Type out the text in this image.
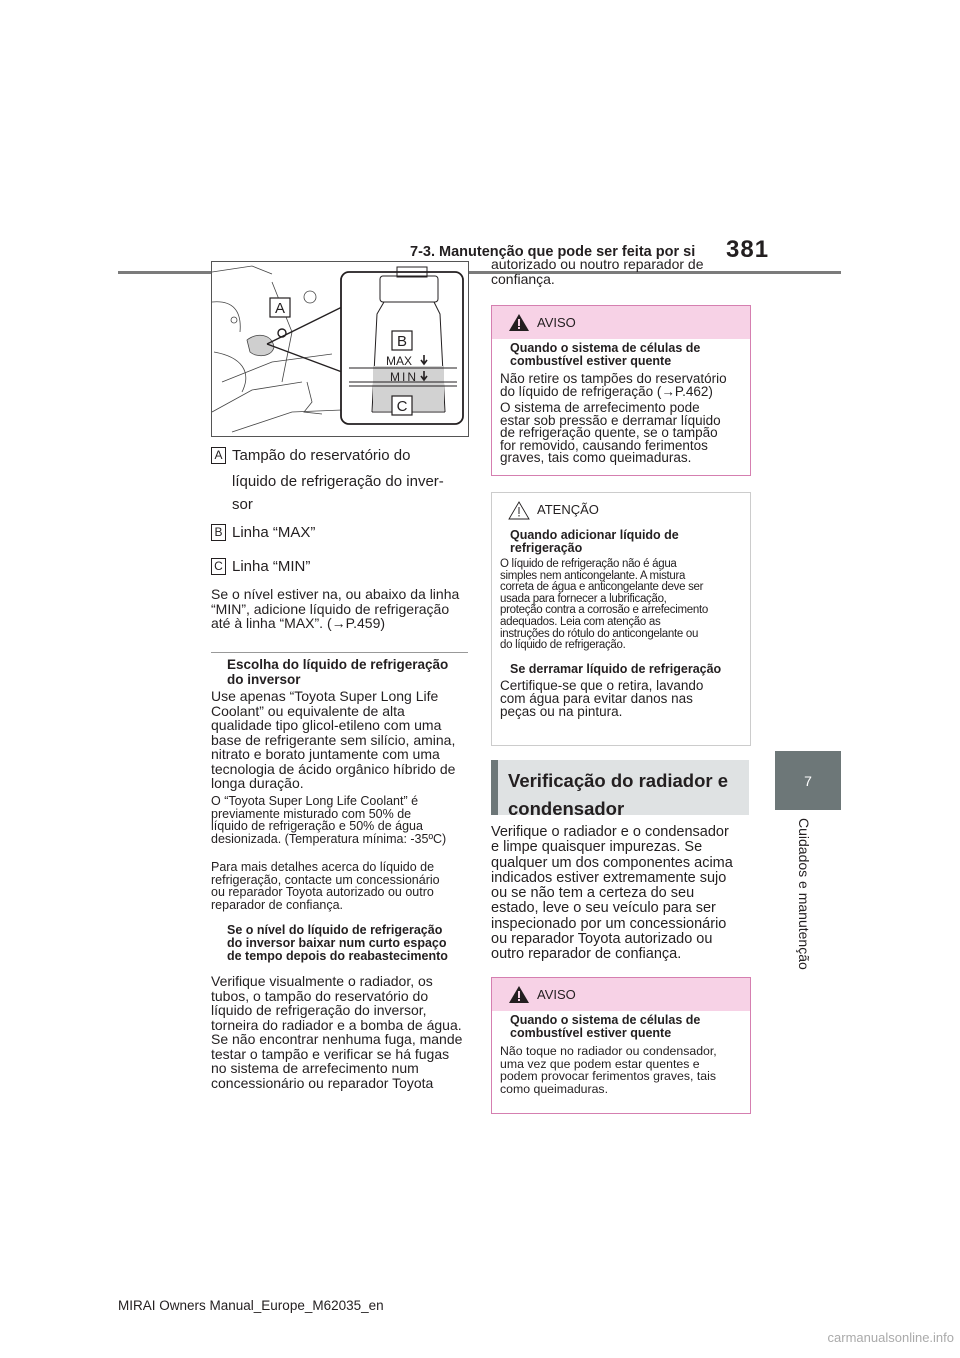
7-3. Manutenção que pode ser feita por si 381
7
Cuidados e manutenção
A
B
C
MAX
MIN
A Tampão do reservatório do
líquido de refrigeração do inver-
sor
B Linha “MAX”
C Linha “MIN”
Se o nível estiver na, ou abaixo da linha
“MIN”, adicione líquido de refrigeração
até à linha “MAX”. (→P.459)
Escolha do líquido de refrigeração
do inversor
Use apenas “Toyota Super Long Life
Coolant” ou equivalente de alta
qualidade tipo glicol-etileno com uma
base de refrigerante sem silício, amina,
nitrato e borato juntamente com uma
tecnologia de ácido orgânico híbrido de
longa duração.
O “Toyota Super Long Life Coolant” é
previamente misturado com 50% de
líquido de refrigeração e 50% de água
desionizada. (Temperatura mínima: -35ºC)
Para mais detalhes acerca do líquido de
refrigeração, contacte um concessionário
ou reparador Toyota autorizado ou outro
reparador de confiança.
Se o nível do líquido de refrigeração
do inversor baixar num curto espaço
de tempo depois do reabastecimento
Verifique visualmente o radiador, os
tubos, o tampão do reservatório do
líquido de refrigeração do inversor,
torneira do radiador e a bomba de água.
Se não encontrar nenhuma fuga, mande
testar o tampão e verificar se há fugas
no sistema de arrefecimento num
concessionário ou reparador Toyota
autorizado ou noutro reparador de
confiança.
AVISO
Quando o sistema de células de
combustível estiver quente
Não retire os tampões do reservatório
do líquido de refrigeração (→P.462)
O sistema de arrefecimento pode
estar sob pressão e derramar líquido
de refrigeração quente, se o tampão
for removido, causando ferimentos
graves, tais como queimaduras.
ATENÇÃO
Quando adicionar líquido de
refrigeração
O líquido de refrigeração não é água
simples nem anticongelante. A mistura
correta de água e anticongelante deve ser
usada para fornecer a lubrificação,
proteção contra a corrosão e arrefecimento
adequados. Leia com atenção as
instruções do rótulo do anticongelante ou
do líquido de refrigeração.
Se derramar líquido de refrigeração
Certifique-se que o retira, lavando
com água para evitar danos nas
peças ou na pintura.
Verificação do radiador e
condensador
Verifique o radiador e o condensador
e limpe quaisquer impurezas. Se
qualquer um dos componentes acima
indicados estiver extremamente sujo
ou se não tem a certeza do seu
estado, leve o seu veículo para ser
inspecionado por um concessionário
ou reparador Toyota autorizado ou
outro reparador de confiança.
AVISO
Quando o sistema de células de
combustível estiver quente
Não toque no radiador ou condensador,
uma vez que podem estar quentes e
podem provocar ferimentos graves, tais
como queimaduras.
MIRAI Owners Manual_Europe_M62035_en
carmanualsonline.info
